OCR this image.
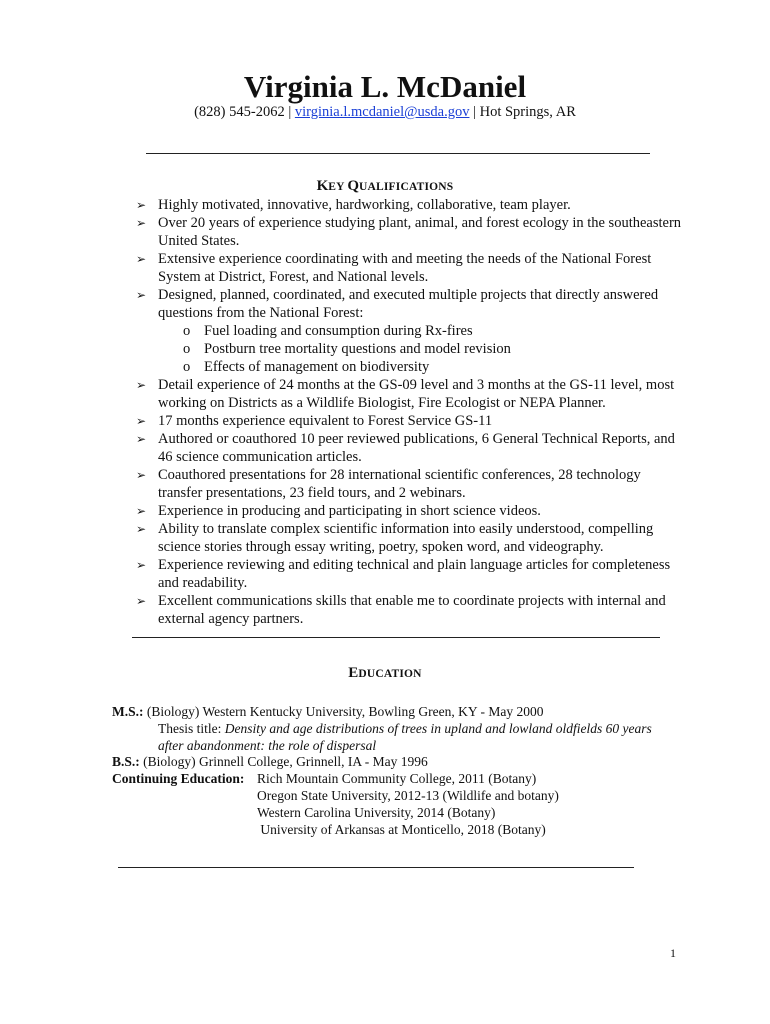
Virginia L. McDaniel
(828) 545-2062 | virginia.l.mcdaniel@usda.gov | Hot Springs, AR
KEY QUALIFICATIONS
➢ Highly motivated, innovative, hardworking, collaborative, team player.
➢ Over 20 years of experience studying plant, animal, and forest ecology in the southeastern United States.
➢ Extensive experience coordinating with and meeting the needs of the National Forest System at District, Forest, and National levels.
➢ Designed, planned, coordinated, and executed multiple projects that directly answered questions from the National Forest:
o Fuel loading and consumption during Rx-fires
o Postburn tree mortality questions and model revision
o Effects of management on biodiversity
➢ Detail experience of 24 months at the GS-09 level and 3 months at the GS-11 level, most working on Districts as a Wildlife Biologist, Fire Ecologist or NEPA Planner.
➢ 17 months experience equivalent to Forest Service GS-11
➢ Authored or coauthored 10 peer reviewed publications, 6 General Technical Reports, and 46 science communication articles.
➢ Coauthored presentations for 28 international scientific conferences, 28 technology transfer presentations, 23 field tours, and 2 webinars.
➢ Experience in producing and participating in short science videos.
➢ Ability to translate complex scientific information into easily understood, compelling science stories through essay writing, poetry, spoken word, and videography.
➢ Experience reviewing and editing technical and plain language articles for completeness and readability.
➢ Excellent communications skills that enable me to coordinate projects with internal and external agency partners.
EDUCATION
M.S.: (Biology) Western Kentucky University, Bowling Green, KY - May 2000
Thesis title: Density and age distributions of trees in upland and lowland oldfields 60 years
after abandonment: the role of dispersal
B.S.: (Biology) Grinnell College, Grinnell, IA - May 1996
Continuing Education: Rich Mountain Community College, 2011 (Botany)
Oregon State University, 2012-13 (Wildlife and botany)
Western Carolina University, 2014 (Botany)
University of Arkansas at Monticello, 2018 (Botany)
1
